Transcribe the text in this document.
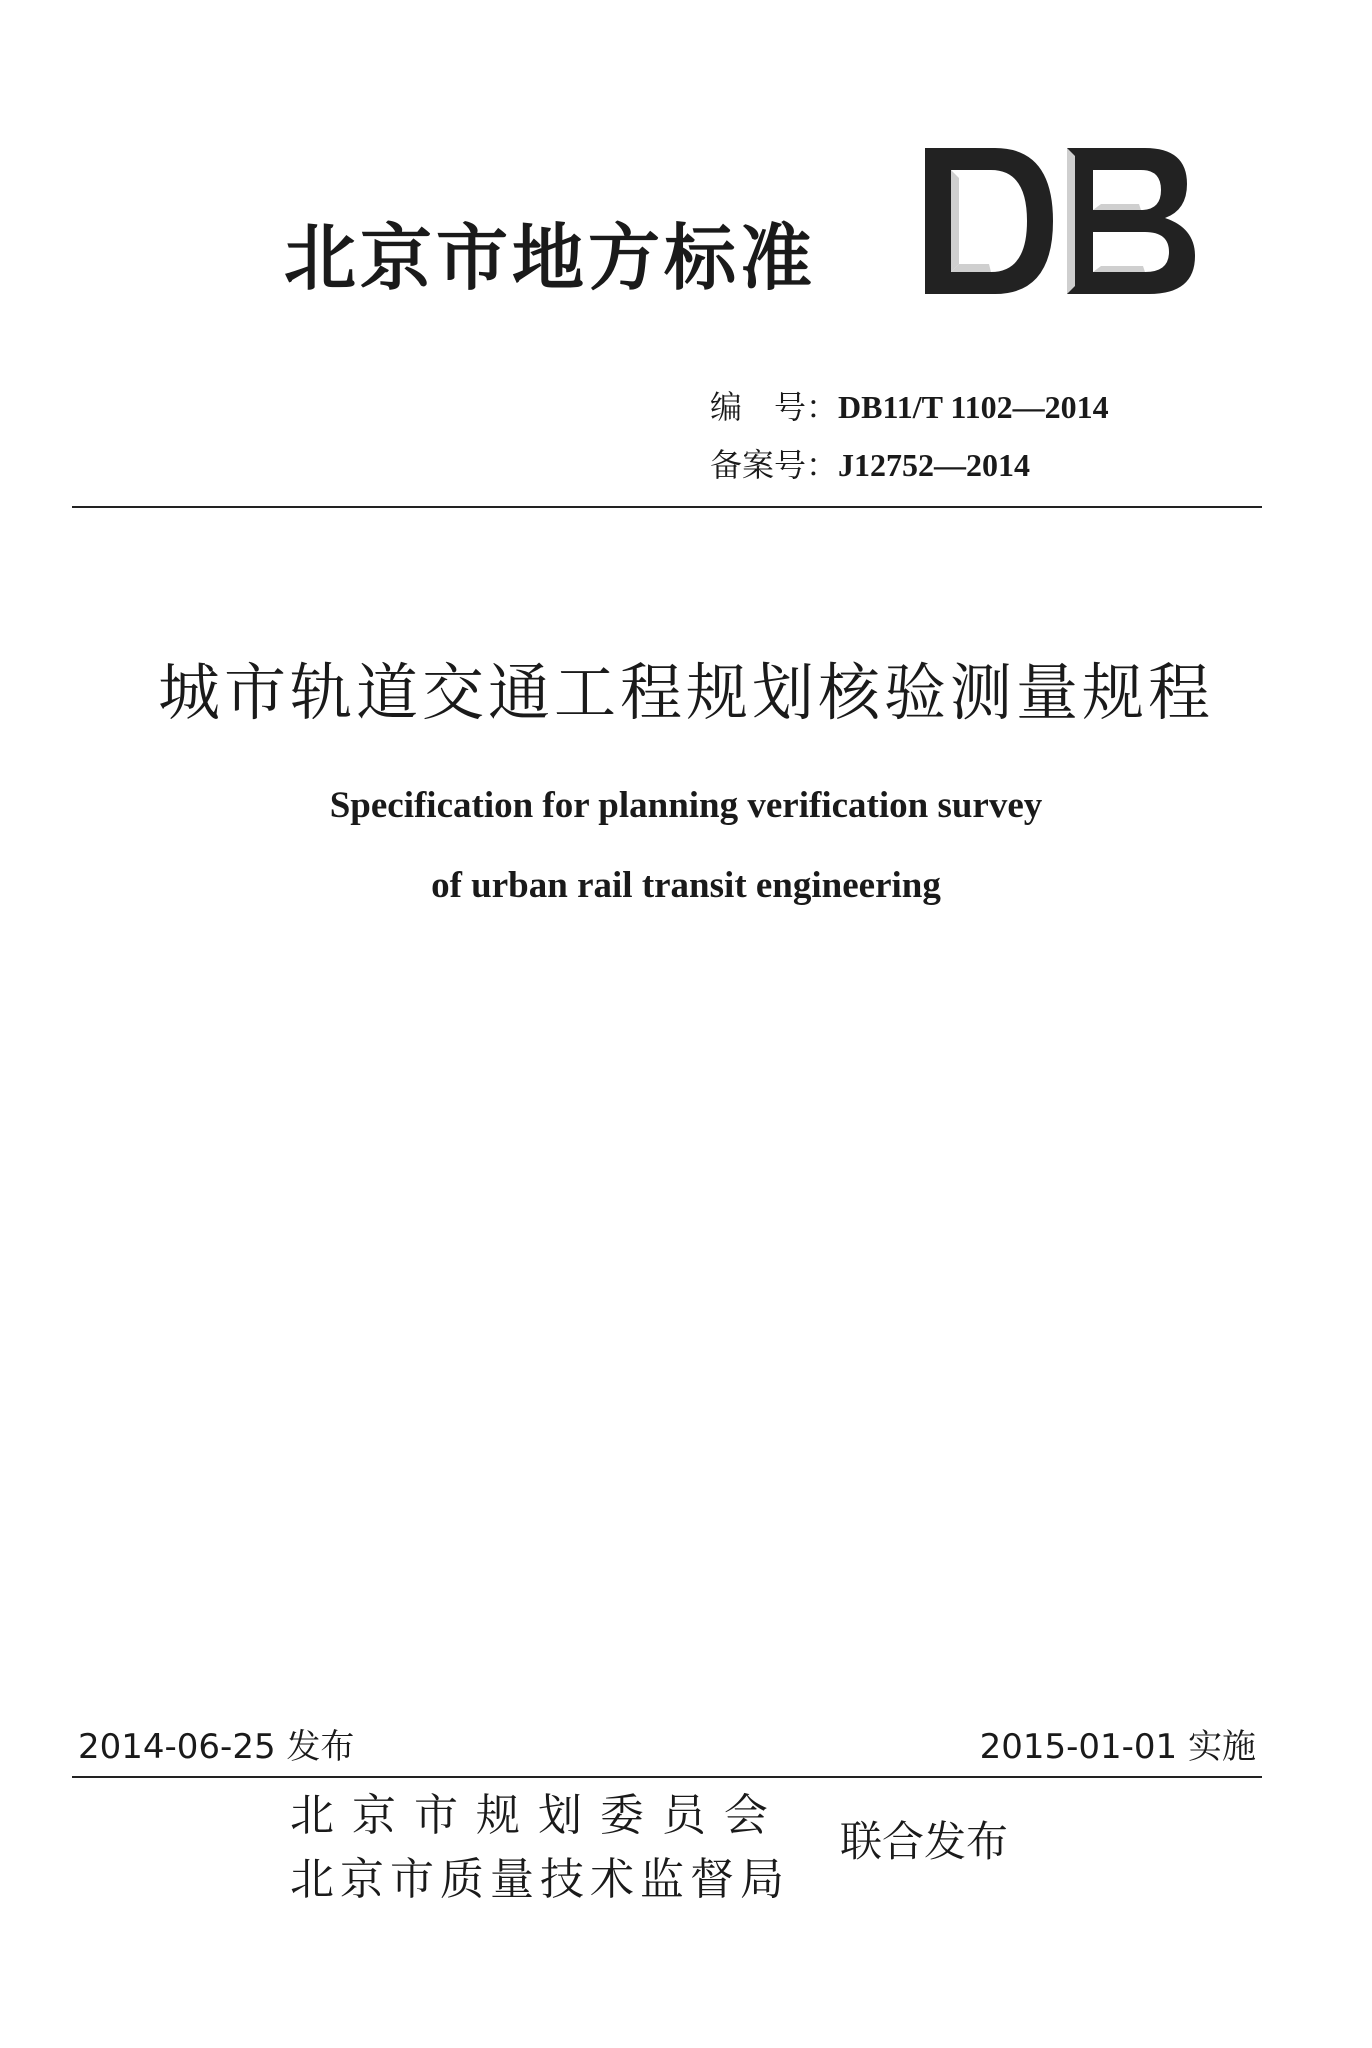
北京市地方标准
编　号：DB11/T 1102—2014
备案号：J12752—2014
城市轨道交通工程规划核验测量规程
Specification for planning verification survey
of urban rail transit engineering
2014-06-25 发布	2015-01-01 实施
北 京 市 规 划 委 员 会
北京市质量技术监督局
联合发布
